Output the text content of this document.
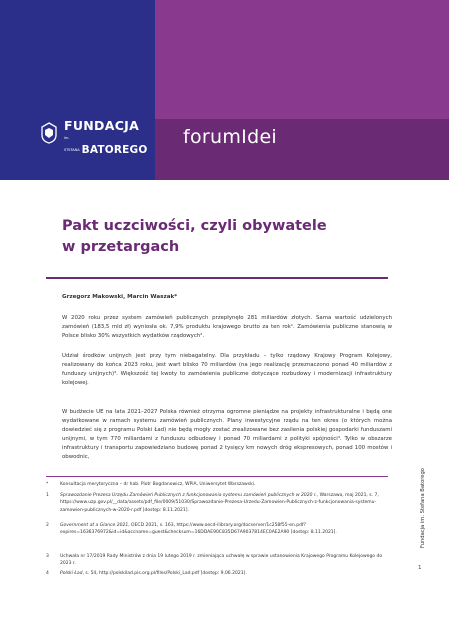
FUNDACJA
im. STEFANA BATOREGO
forumIdei
Pakt uczciwości, czyli obywatele
w przetargach
Grzegorz Makowski, Marcin Waszak*

W 2020 roku przez system zamówień publicznych przepłynęło 281 miliardów złotych. Sama wartość udzielonych zamówień (183,5 mld zł) wyniosła ok. 7,9% produktu krajowego brutto za ten rok¹. Zamówienia publiczne stanowią w Polsce blisko 30% wszystkich wydatków rządowych².

Udział środków unijnych jest przy tym niebagatelny. Dla przykładu – tylko rządowy Krajowy Program Kolejowy, realizowany do końca 2023 roku, jest wart blisko 70 miliardów (na jego realizację przeznaczono ponad 40 miliardów z funduszy unijnych)³. Większość tej kwoty to zamówienia publiczne dotyczące rozbudowy i modernizacji infrastruktury kolejowej.

W budżecie UE na lata 2021–2027 Polska również otrzyma ogromne pieniądze na projekty infrastrukturalne i będą one wydatkowane w ramach systemu zamówień publicznych. Plany inwestycyjne rządu na ten okres (o których można dowiedzieć się z programu Polski Ład) nie będą mogły zostać zrealizowane bez zasilenia polskiej gospodarki funduszami unijnymi, w tym 770 miliardami z funduszu odbudowy i ponad 70 miliardami z polityki spójności⁴. Tylko w obszarze infrastruktury i transportu zapowiedziano budowę ponad 2 tysięcy km nowych dróg ekspresowych, ponad 100 mostów i obwodnic,

*	Konsultacja merytoryczna – dr hab. Piotr Bogdanowicz, WPiA, Uniwersytet Warszawski.
1 Sprawozdanie Prezesa Urzędu Zamówień Publicznych z funkcjonowania systemu zamówień publicznych w 2020 r., Warszawa, maj 2021, s. 7, https://www.uzp.gov.pl/__data/assets/pdf_file/0009/51030/Sprawozdanie-Prezesa-Urzedu-Zamowien-Publicznych-z-funkcjonowania-systemu-zamowien-publicznych-w-2020-r.pdf [dostęp: 8.11.2021].
2 Government at a Glance 2021, OECD 2021, s. 163, https://www.oecd-ilibrary.org/docserver/1c258f55-en.pdf?expires=1636376972&id=id&accname=guest&checksum=16DDAE90C835D67A9037814EC0AE2A90 [dostęp: 8.11.2021].
3 Uchwała nr 17/2019 Rady Ministrów z dnia 19 lutego 2019 r. zmieniająca uchwałę w sprawie ustanowienia Krajowego Programu Kolejowego do 2023 r.
4 Polski Ład, s. 54, http://polskilad.pis.org.pl/files/Polski_Lad.pdf [dostęp: 9.06.2021].
Fundacja im. Stefana Batorego
1
